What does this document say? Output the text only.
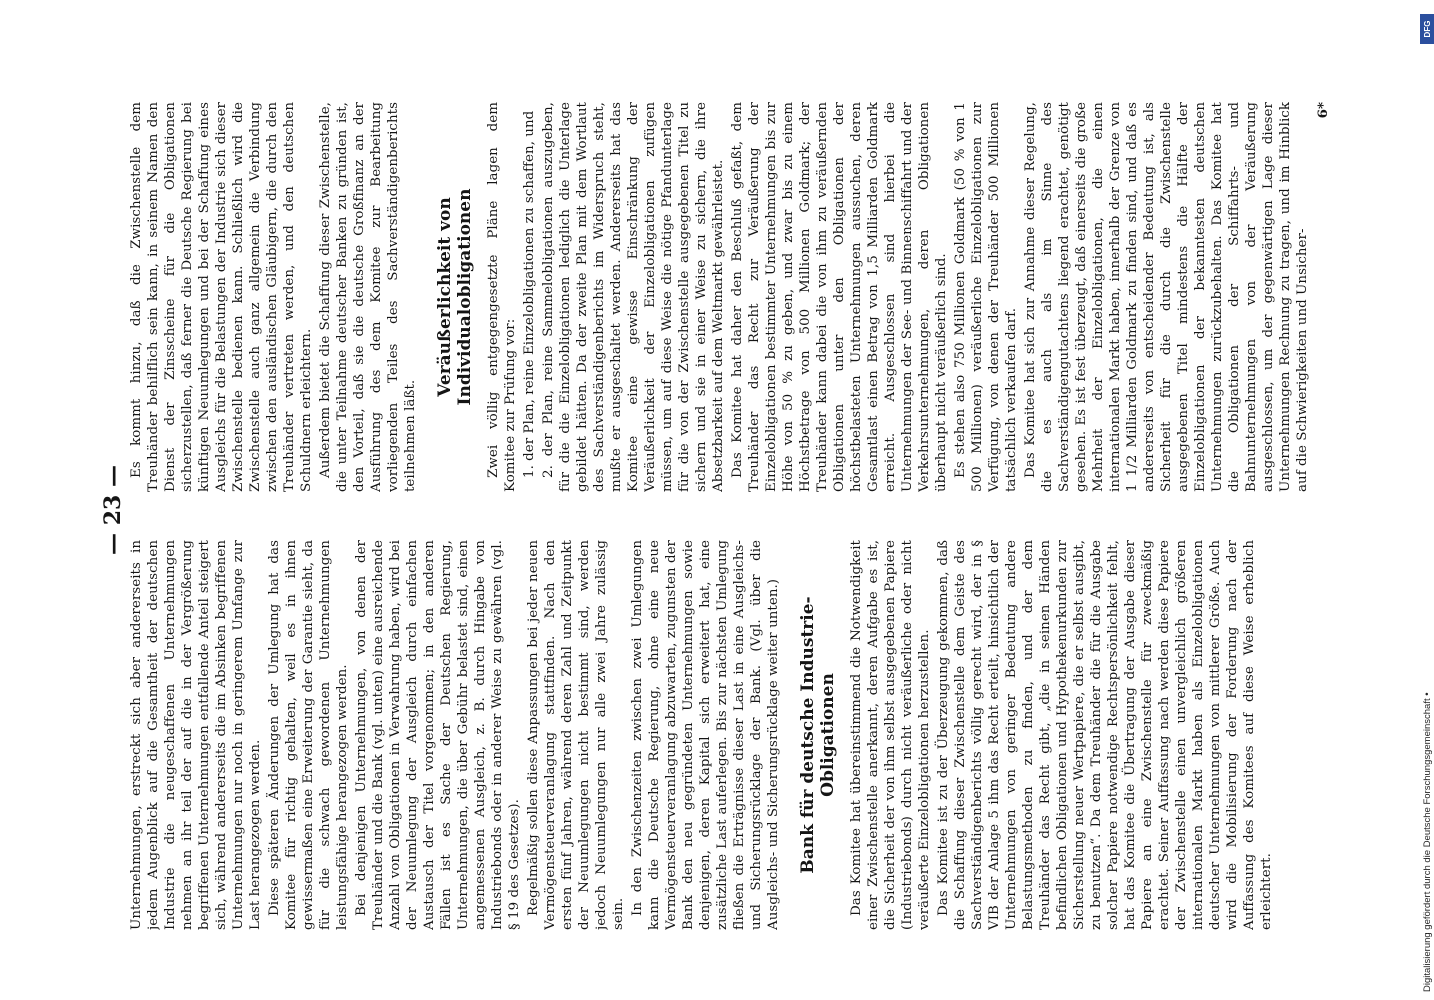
— 23 —

Unternehmungen, erstreckt sich aber andererseits in jedem Augenblick auf die Gesamtheit der deutschen Industrie die neugeschaffenen Unternehmungen nehmen an ihr teil der auf die in der Vergrößerung begriffenen Unternehmungen entfallende Anteil steigert sich, während andererseits die im Absinken begriffenen Unternehmungen nur noch in geringerem Umfange zur Last herangezogen werden. Diese späteren Änderungen der Umlegung hat das Komitee für richtig gehalten, weil es in ihnen gewissermaßen eine Erweiterung der Garantie sieht, da für die schwach gewordenen Unternehmungen leistungsfähige herangezogen werden. Bei denjenigen Unternehmungen, von denen der Treuhänder und die Bank (vgl. unten) eine ausreichende Anzahl von Obligationen in Verwahrung haben, wird bei der Neuumlegung der Ausgleich durch einfachen Austausch der Titel vorgenommen; in den anderen Fällen ist es Sache der Deutschen Regierung, Unternehmungen, die über Gebühr belastet sind, einen angemessenen Ausgleich, z. B. durch Hingabe von Industriebonds oder in anderer Weise zu gewähren (vgl. § 19 des Gesetzes). Regelmäßig sollen diese Anpassungen bei jeder neuen Vermögensteuerveranlagung stattfinden. Nach den ersten fünf Jahren, während deren Zahl und Zeitpunkt der Neuumlegungen nicht bestimmt sind, werden jedoch Neuumlegungen nur alle zwei Jahre zulässig sein. In den Zwischenzeiten zwischen zwei Umlegungen kann die Deutsche Regierung, ohne eine neue Vermögensteuerveranlagung abzuwarten, zugunsten der Bank den neu gegründeten Unternehmungen sowie denjenigen, deren Kapital sich erweitert hat, eine zusätzliche Last auferlegen. Bis zur nächsten Umlegung fließen die Erträgnisse dieser Last in eine Ausgleichs- und Sicherungsrücklage der Bank. (Vgl. über die Ausgleichs- und Sicherungsrücklage weiter unten.) Bank für deutsche Industrie-Obligationen Das Komitee hat übereinstimmend die Notwendigkeit einer Zwischenstelle anerkannt, deren Aufgabe es ist, die Sicherheit der von ihm selbst ausgegebenen Papiere (Industriebonds) durch nicht veräußerliche oder nicht veräußerte Einzelobligationen herzustellen. Das Komitee ist zu der Überzeugung gekommen, daß die Schaffung dieser Zwischenstelle dem Geiste des Sachverständigenberichts völlig gerecht wird, der in § VIB der Anlage 5 ihm das Recht erteilt, hinsichtlich der Unternehmungen von geringer Bedeutung andere Belastungsmethoden zu finden, und der dem Treuhänder das Recht gibt, „die in seinen Händen befindlichen Obligationen und Hypothekenurkunden zur Sicherstellung neuer Wertpapiere, die er selbst ausgibt, zu benutzen“. Da dem Treuhänder die für die Ausgabe solcher Papiere notwendige Rechtspersönlichkeit fehlt, hat das Komitee die Übertragung der Ausgabe dieser Papiere an eine Zwischenstelle für zweckmäßig erachtet. Seiner Auffassung nach werden diese Papiere der Zwischenstelle einen unvergleichlich größeren internationalen Markt haben als Einzelobligationen deutscher Unternehmungen von mittlerer Größe. Auch wird die Mobilisierung der Forderung nach der Auffassung des Komitees auf diese Weise erheblich erleichtert.

Es kommt hinzu, daß die Zwischenstelle dem Treuhänder behilflich sein kann, in seinem Namen den Dienst der Zinsscheine für die Obligationen sicherzustellen, daß ferner die Deutsche Regierung bei künftigen Neuumlegungen und bei der Schaffung eines Ausgleichs für die Belastungen der Industrie sich dieser Zwischenstelle bedienen kann. Schließlich wird die Zwischenstelle auch ganz allgemein die Verbindung zwischen den ausländischen Gläubigern, die durch den Treuhänder vertreten werden, und den deutschen Schuldnern erleichtern. Außerdem bietet die Schaffung dieser Zwischenstelle, die unter Teilnahme deutscher Banken zu gründen ist, den Vorteil, daß sie die deutsche Großfinanz an der Ausführung des dem Komitee zur Bearbeitung vorliegenden Teiles des Sachverständigenberichts teilnehmen läßt.

Veräußerlichkeit von Individualobligationen Zwei völlig entgegengesetzte Pläne lagen dem Komitee zur Prüfung vor: 1. der Plan, reine Einzelobligationen zu schaffen, und 2. der Plan, reine Sammelobligationen auszugeben, für die die Einzelobligationen lediglich die Unterlage gebildet hätten. Da der zweite Plan mit dem Wortlaut des Sachverständigenberichts im Widerspruch steht, mußte er ausgeschaltet werden. Andererseits hat das Komitee eine gewisse Einschränkung der Veräußerlichkeit der Einzelobligationen zufügen müssen, um auf diese Weise die nötige Pfandunterlage für die von der Zwischenstelle ausgegebenen Titel zu sichern und sie in einer Weise zu sichern, die ihre Absetzbarkeit auf dem Weltmarkt gewährleistet. Das Komitee hat daher den Beschluß gefaßt, dem Treuhänder das Recht zur Veräußerung der Einzelobligationen bestimmter Unternehmungen bis zur Höhe von 50 % zu geben, und zwar bis zu einem Höchstbetrage von 500 Millionen Goldmark; der Treuhänder kann dabei die von ihm zu veräußernden Obligationen unter den Obligationen der höchstbelasteten Unternehmungen aussuchen, deren Gesamtlast einen Betrag von 1,5 Milliarden Goldmark erreicht. Ausgeschlossen sind hierbei die Unternehmungen der See- und Binnenschiffahrt und der Verkehrsunternehmungen, deren Obligationen überhaupt nicht veräußerlich sind. Es stehen also 750 Millionen Goldmark (50 % von 1 500 Millionen) veräußerliche Einzelobligationen zur Verfügung, von denen der Treuhänder 500 Millionen tatsächlich verkaufen darf. Das Komitee hat sich zur Annahme dieser Regelung, die es auch als im Sinne des Sachverständigengutachtens liegend erachtet, genötigt gesehen. Es ist fest überzeugt, daß einerseits die große Mehrheit der Einzelobligationen, die einen internationalen Markt haben, innerhalb der Grenze von 1 1/2 Milliarden Goldmark zu finden sind, und daß es andererseits von entscheidender Bedeutung ist, als Sicherheit für die durch die Zwischenstelle ausgegebenen Titel mindestens die Hälfte der Einzelobligationen der bekanntesten deutschen Unternehmungen zurückzubehalten. Das Komitee hat die Obligationen der Schiffahrts- und Bahnunternehmungen von der Veräußerung ausgeschlossen, um der gegenwärtigen Lage dieser Unternehmungen Rechnung zu tragen, und im Hinblick auf die Schwierigkeiten und Unsicher-

6*

DFG
Digitalisierung gefördert durch die Deutsche Forschungsgemeinschaft •
